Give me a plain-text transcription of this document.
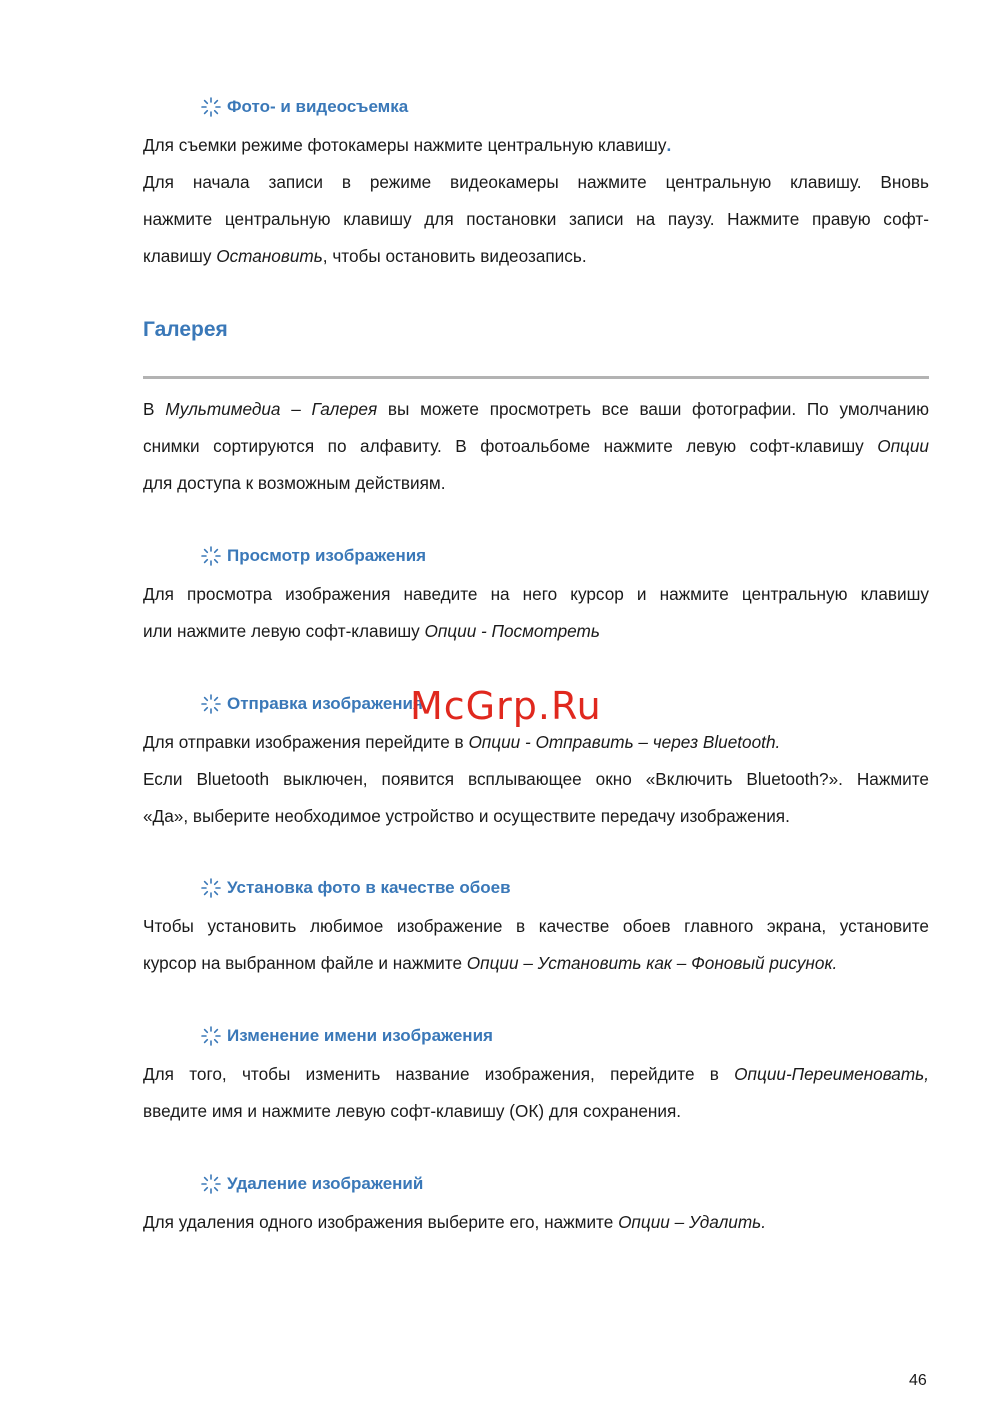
Фото- и видеосъемка
Для съемки режиме фотокамеры нажмите центральную клавишу.
Для начала записи в режиме видеокамеры нажмите центральную клавишу. Вновь
нажмите центральную клавишу для постановки записи на паузу. Нажмите правую софт-
клавишу Остановить, чтобы остановить видеозапись.
Галерея
В Мультимедиа – Галерея вы можете просмотреть все ваши фотографии. По умолчанию
снимки сортируются по алфавиту. В фотоальбоме нажмите левую софт-клавишу Опции
для доступа к возможным действиям.
Просмотр изображения
Для просмотра изображения наведите на него курсор и нажмите центральную клавишу
или нажмите левую софт-клавишу Опции - Посмотреть
Отправка изображения
Для отправки изображения перейдите в Опции - Отправить – через Bluetooth.
Если Bluetooth выключен, появится всплывающее окно «Включить Bluetooth?». Нажмите
«Да», выберите необходимое устройство и осуществите передачу изображения.
Установка фото в качестве обоев
Чтобы установить любимое изображение в качестве обоев главного экрана, установите
курсор на выбранном файле и нажмите Опции – Установить как – Фоновый рисунок.
Изменение имени изображения
Для того, чтобы изменить название изображения, перейдите в Опции-Переименовать,
введите имя и нажмите левую софт-клавишу (ОК) для сохранения.
Удаление изображений
Для удаления одного изображения выберите его, нажмите Опции – Удалить.
McGrp.Ru
46
